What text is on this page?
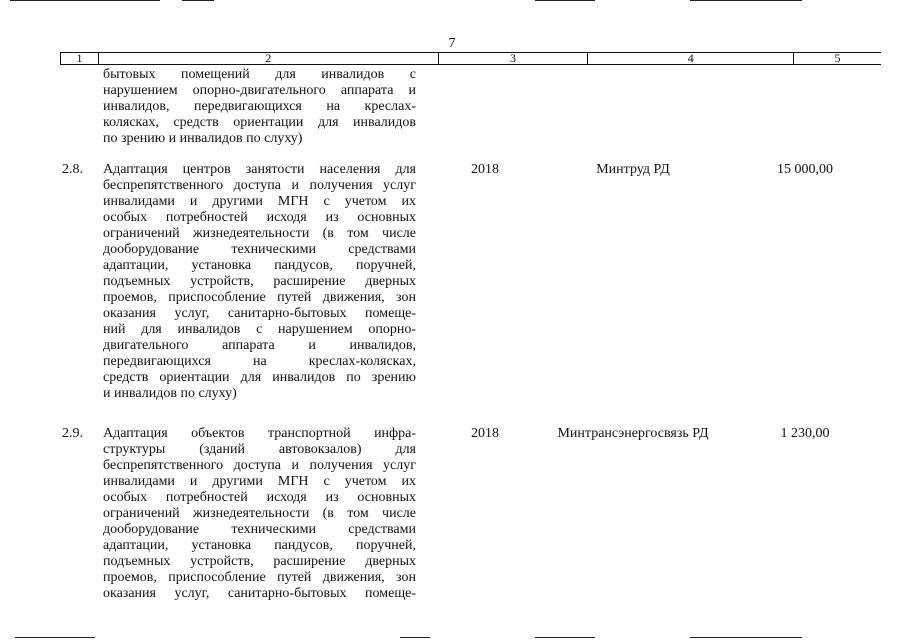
7
1	2	3	4	5
бытовых помещений для инвалидов с
нарушением опорно-двигательного аппарата и
инвалидов, передвигающихся на креслах-
колясках, средств ориентации для инвалидов
по зрению и инвалидов по слуху)
2.8.	Адаптация центров занятости населения для
беспрепятственного доступа и получения услуг
инвалидами и другими МГН с учетом их
особых потребностей исходя из основных
ограничений жизнедеятельности (в том числе
дооборудование техническими средствами
адаптации, установка пандусов, поручней,
подъемных устройств, расширение дверных
проемов, приспособление путей движения, зон
оказания услуг, санитарно-бытовых помеще-
ний для инвалидов с нарушением опорно-
двигательного аппарата и инвалидов,
передвигающихся на креслах-колясках,
средств ориентации для инвалидов по зрению
и инвалидов по слуху)
2018	Минтруд РД	15 000,00
2.9.	Адаптация объектов транспортной инфра-
структуры (зданий автовокзалов) для
беспрепятственного доступа и получения услуг
инвалидами и другими МГН с учетом их
особых потребностей исходя из основных
ограничений жизнедеятельности (в том числе
дооборудование техническими средствами
адаптации, установка пандусов, поручней,
подъемных устройств, расширение дверных
проемов, приспособление путей движения, зон
оказания услуг, санитарно-бытовых помеще-
2018	Минтрансэнергосвязь РД	1 230,00
